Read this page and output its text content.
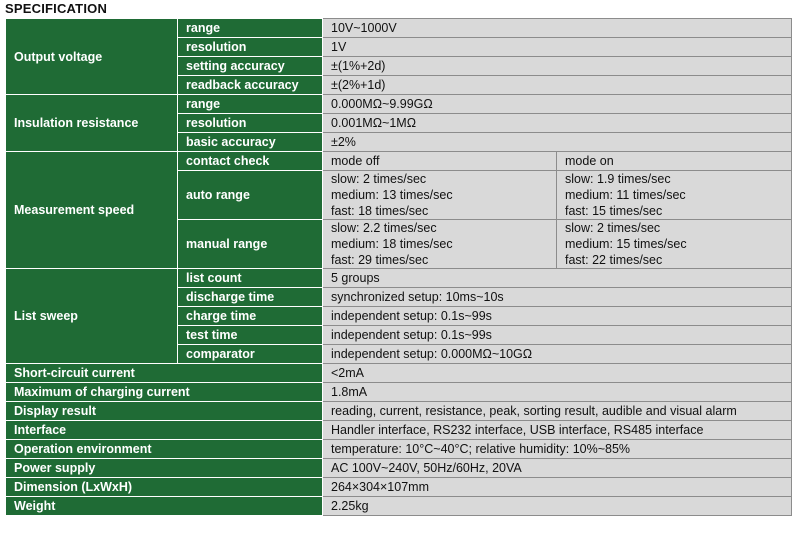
SPECIFICATION
Output voltage	range	10V~1000V	
	resolution	1V	
	setting accuracy	±(1%+2d)	
	readback accuracy	±(2%+1d)	
Insulation resistance	range	0.000MΩ~9.99GΩ	
	resolution	0.001MΩ~1MΩ	
	basic accuracy	±2%	
Measurement speed	contact check	mode off	mode on
	auto range	slow: 2 times/sec
medium: 13 times/sec
fast: 18 times/sec	slow: 1.9 times/sec
medium: 11 times/sec
fast: 15 times/sec

	manual range	slow: 2.2 times/sec
medium: 18 times/sec
fast: 29 times/sec	slow: 2 times/sec
medium: 15 times/sec
fast: 22 times/sec

List sweep	list count	5 groups	
	discharge time	synchronized setup: 10ms~10s	
	charge time	independent setup: 0.1s~99s	
	test time	independent setup: 0.1s~99s	
	comparator	independent setup: 0.000MΩ~10GΩ	
Short-circuit current		<2mA	
Maximum of charging current		1.8mA	
Display result		reading, current, resistance, peak, sorting result, audible and visual alarm	
Interface		Handler interface, RS232 interface, USB interface, RS485 interface	
Operation environment		temperature: 10°C~40°C; relative humidity: 10%~85%	
Power supply		AC 100V~240V, 50Hz/60Hz, 20VA	
Dimension (LxWxH)		264×304×107mm	
Weight		2.25kg	
